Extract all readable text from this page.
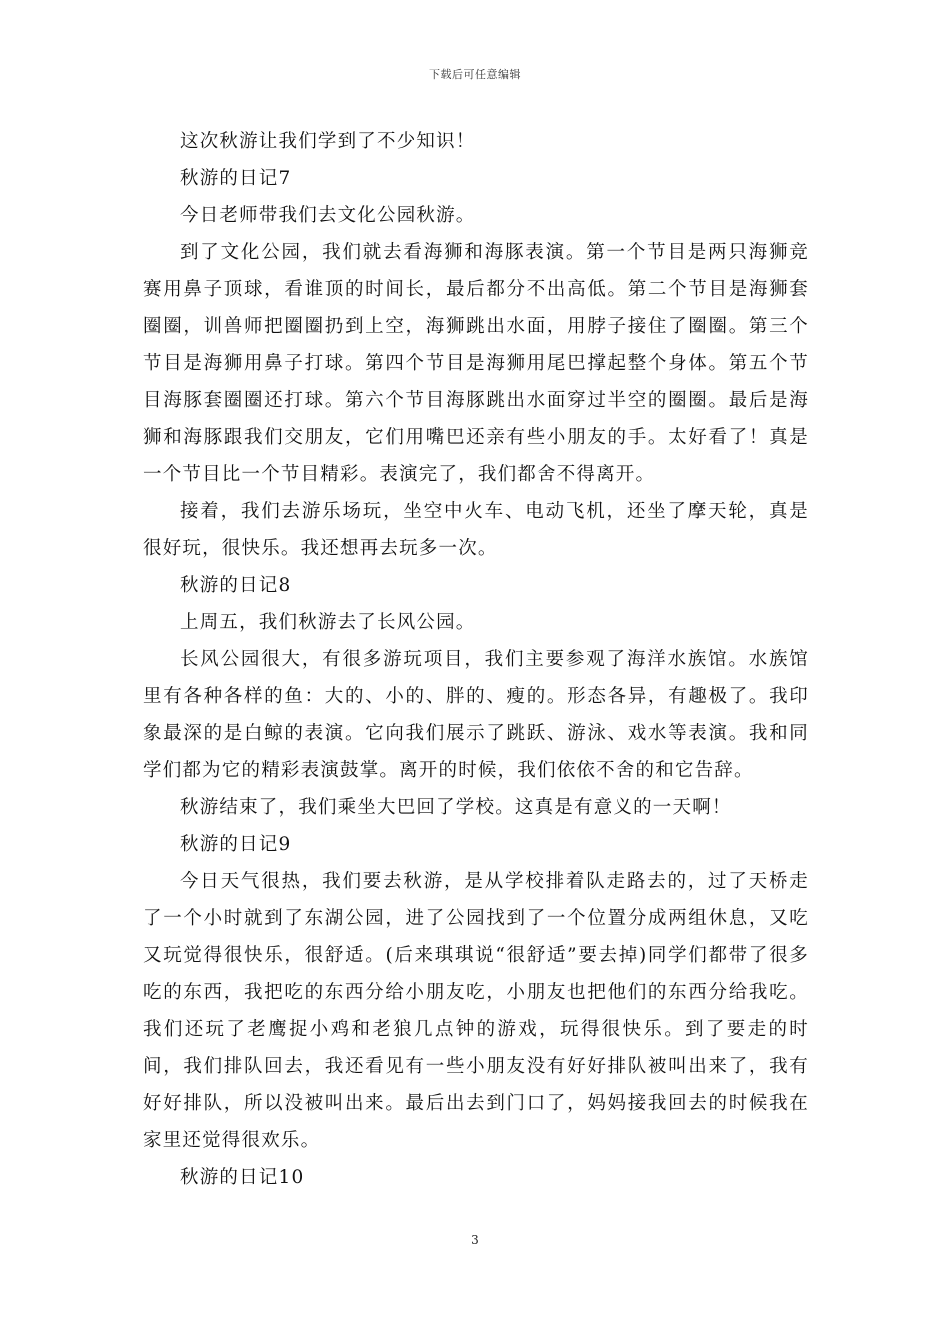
下载后可任意编辑

这次秋游让我们学到了不少知识！

秋游的日记7

今日老师带我们去文化公园秋游。

到了文化公园，我们就去看海狮和海豚表演。第一个节目是两只海狮竞赛用鼻子顶球，看谁顶的时间长，最后都分不出高低。第二个节目是海狮套圈圈，训兽师把圈圈扔到上空，海狮跳出水面，用脖子接住了圈圈。第三个节目是海狮用鼻子打球。第四个节目是海狮用尾巴撑起整个身体。第五个节目海豚套圈圈还打球。第六个节目海豚跳出水面穿过半空的圈圈。最后是海狮和海豚跟我们交朋友，它们用嘴巴还亲有些小朋友的手。太好看了！真是一个节目比一个节目精彩。表演完了，我们都舍不得离开。

接着，我们去游乐场玩，坐空中火车、电动飞机，还坐了摩天轮，真是很好玩，很快乐。我还想再去玩多一次。

秋游的日记8

上周五，我们秋游去了长风公园。

长风公园很大，有很多游玩项目，我们主要参观了海洋水族馆。水族馆里有各种各样的鱼：大的、小的、胖的、瘦的。形态各异，有趣极了。我印象最深的是白鲸的表演。它向我们展示了跳跃、游泳、戏水等表演。我和同学们都为它的精彩表演鼓掌。离开的时候，我们依依不舍的和它告辞。

秋游结束了，我们乘坐大巴回了学校。这真是有意义的一天啊！

秋游的日记9

今日天气很热，我们要去秋游，是从学校排着队走路去的，过了天桥走了一个小时就到了东湖公园，进了公园找到了一个位置分成两组休息，又吃又玩觉得很快乐，很舒适。(后来琪琪说“很舒适”要去掉)同学们都带了很多吃的东西，我把吃的东西分给小朋友吃，小朋友也把他们的东西分给我吃。我们还玩了老鹰捉小鸡和老狼几点钟的游戏，玩得很快乐。到了要走的时间，我们排队回去，我还看见有一些小朋友没有好好排队被叫出来了，我有好好排队，所以没被叫出来。最后出去到门口了，妈妈接我回去的时候我在家里还觉得很欢乐。

秋游的日记10

3
